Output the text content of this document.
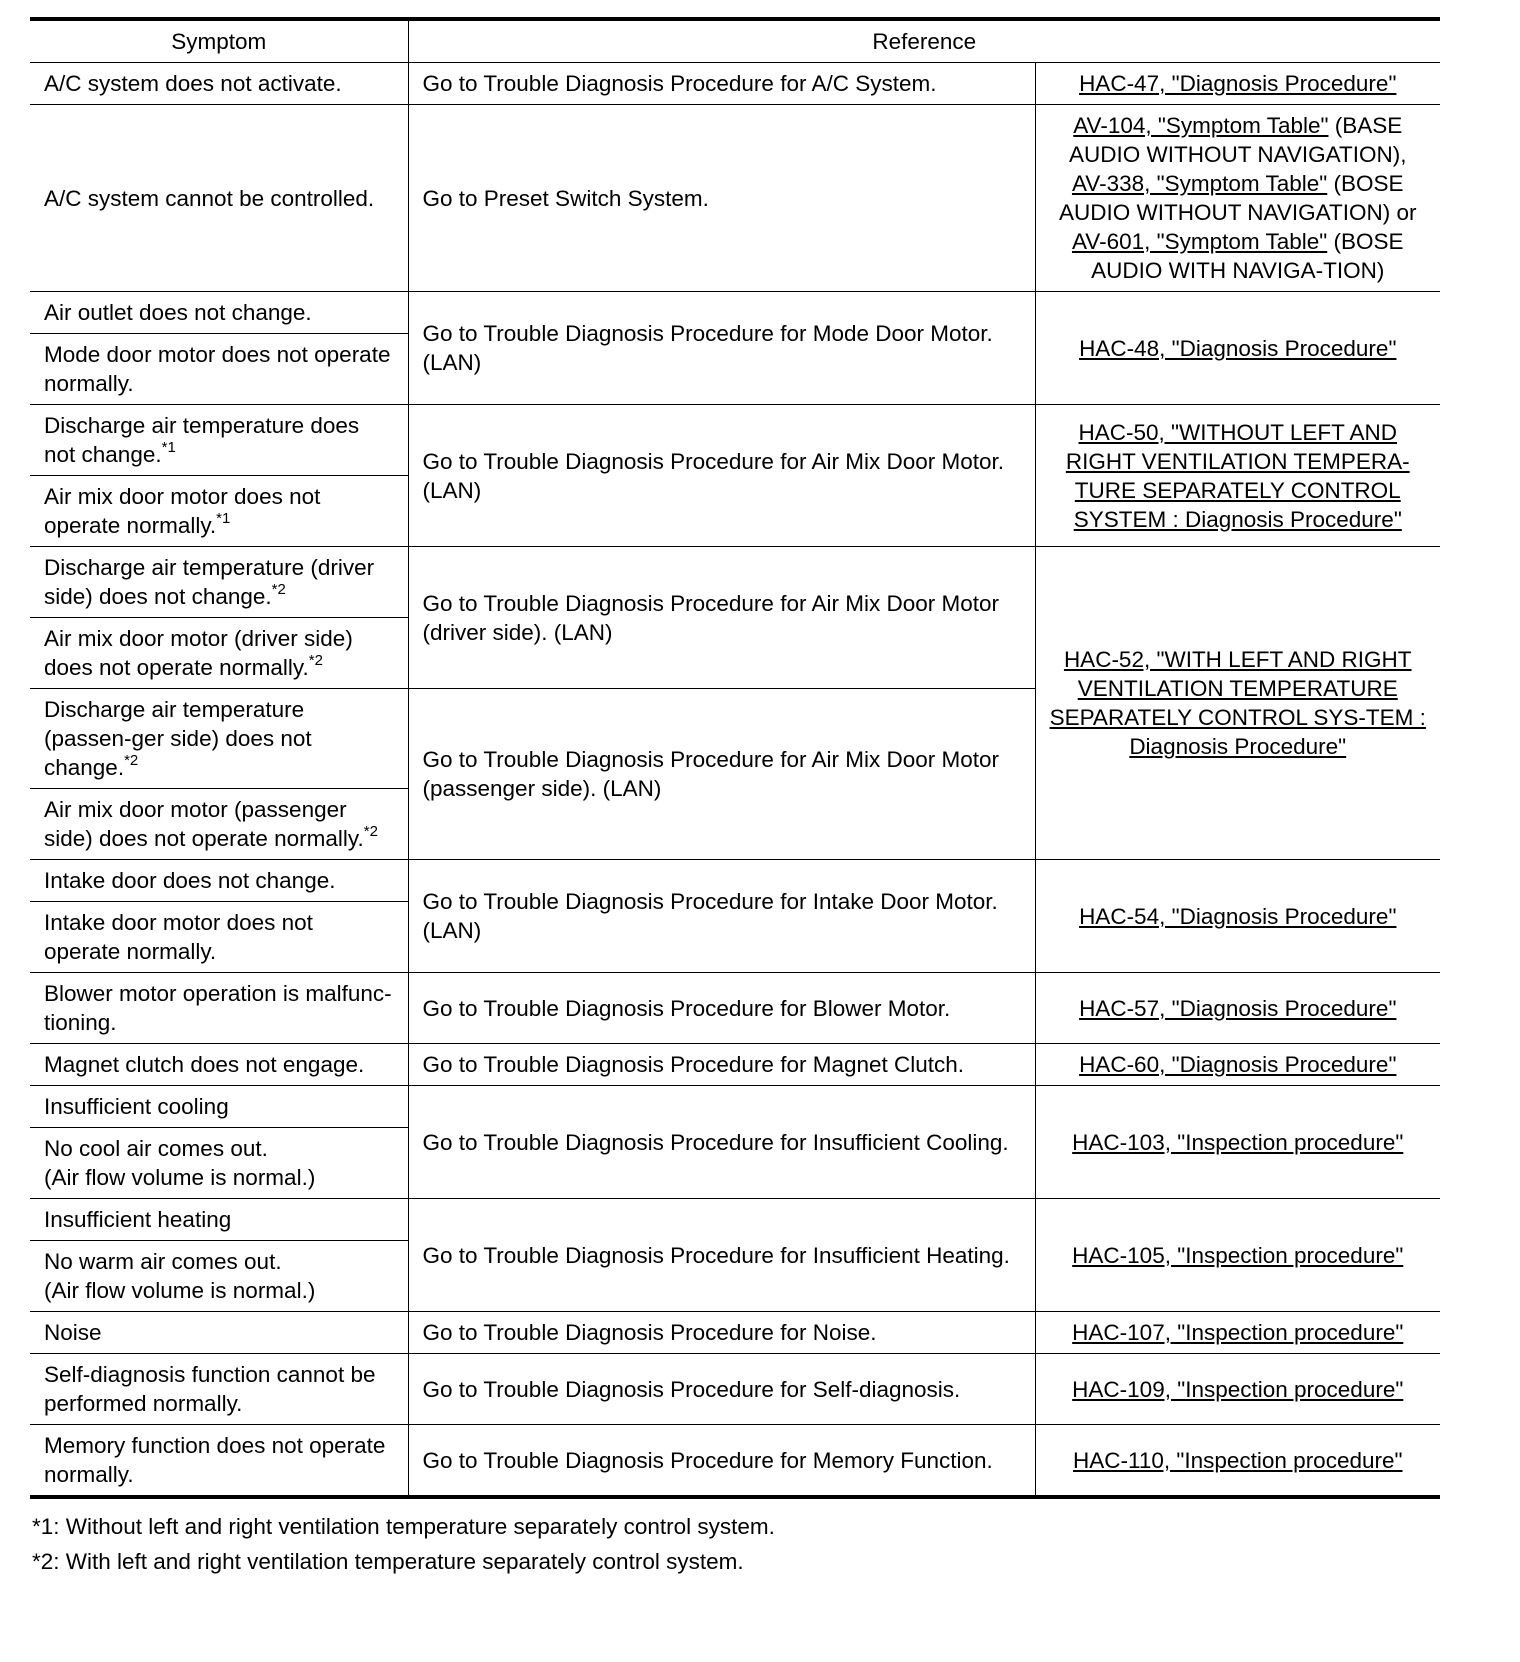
Symptom	Reference	
A/C system does not activate.	Go to Trouble Diagnosis Procedure for A/C System.	HAC-47, "Diagnosis Procedure"
A/C system cannot be controlled.	Go to Preset Switch System.	AV-104, "Symptom Table" (BASE AUDIO WITHOUT NAVIGATION), AV-338, "Symptom Table" (BOSE AUDIO WITHOUT NAVIGATION) or AV-601, "Symptom Table" (BOSE AUDIO WITH NAVIGA-TION)
Air outlet does not change.	Go to Trouble Diagnosis Procedure for Mode Door Motor. (LAN)	HAC-48, "Diagnosis Procedure"
Mode door motor does not operate normally.		
Discharge air temperature does not change.$^{*1}$	Go to Trouble Diagnosis Procedure for Air Mix Door Motor. (LAN)	HAC-50, "WITHOUT LEFT AND RIGHT VENTILATION TEMPERA-TURE SEPARATELY CONTROL SYSTEM : Diagnosis Procedure"
Air mix door motor does not operate normally.$^{*1}$
Discharge air temperature (driver side) does not change.$^{*2}$	Go to Trouble Diagnosis Procedure for Air Mix Door Motor (driver side). (LAN)	HAC-52, "WITH LEFT AND RIGHT VENTILATION TEMPERATURE SEPARATELY CONTROL SYS-TEM : Diagnosis Procedure"
Air mix door motor (driver side) does not operate normally.$^{*2}$
Discharge air temperature (passen-ger side) does not change.$^{*2}$	Go to Trouble Diagnosis Procedure for Air Mix Door Motor (passenger side). (LAN)	
Air mix door motor (passenger side) does not operate normally.$^{*2}$
Intake door does not change.	Go to Trouble Diagnosis Procedure for Intake Door Motor. (LAN)	HAC-54, "Diagnosis Procedure"
Intake door motor does not operate normally.		
Blower motor operation is malfunc-tioning.	Go to Trouble Diagnosis Procedure for Blower Motor.	HAC-57, "Diagnosis Procedure"
Magnet clutch does not engage.	Go to Trouble Diagnosis Procedure for Magnet Clutch.	HAC-60, "Diagnosis Procedure"
Insufficient cooling	Go to Trouble Diagnosis Procedure for Insufficient Cooling.	HAC-103, "Inspection procedure"

No cool air comes out.
(Air flow volume is normal.)		

Insufficient heating	Go to Trouble Diagnosis Procedure for Insufficient Heating.	HAC-105, "Inspection procedure"

No warm air comes out.
(Air flow volume is normal.)		

Noise	Go to Trouble Diagnosis Procedure for Noise.	HAC-107, "Inspection procedure"
Self-diagnosis function cannot be performed normally.	Go to Trouble Diagnosis Procedure for Self-diagnosis.	HAC-109, "Inspection procedure"
Memory function does not operate normally.	Go to Trouble Diagnosis Procedure for Memory Function.	HAC-110, "Inspection procedure"
*1: Without left and right ventilation temperature separately control system.
*2: With left and right ventilation temperature separately control system.
